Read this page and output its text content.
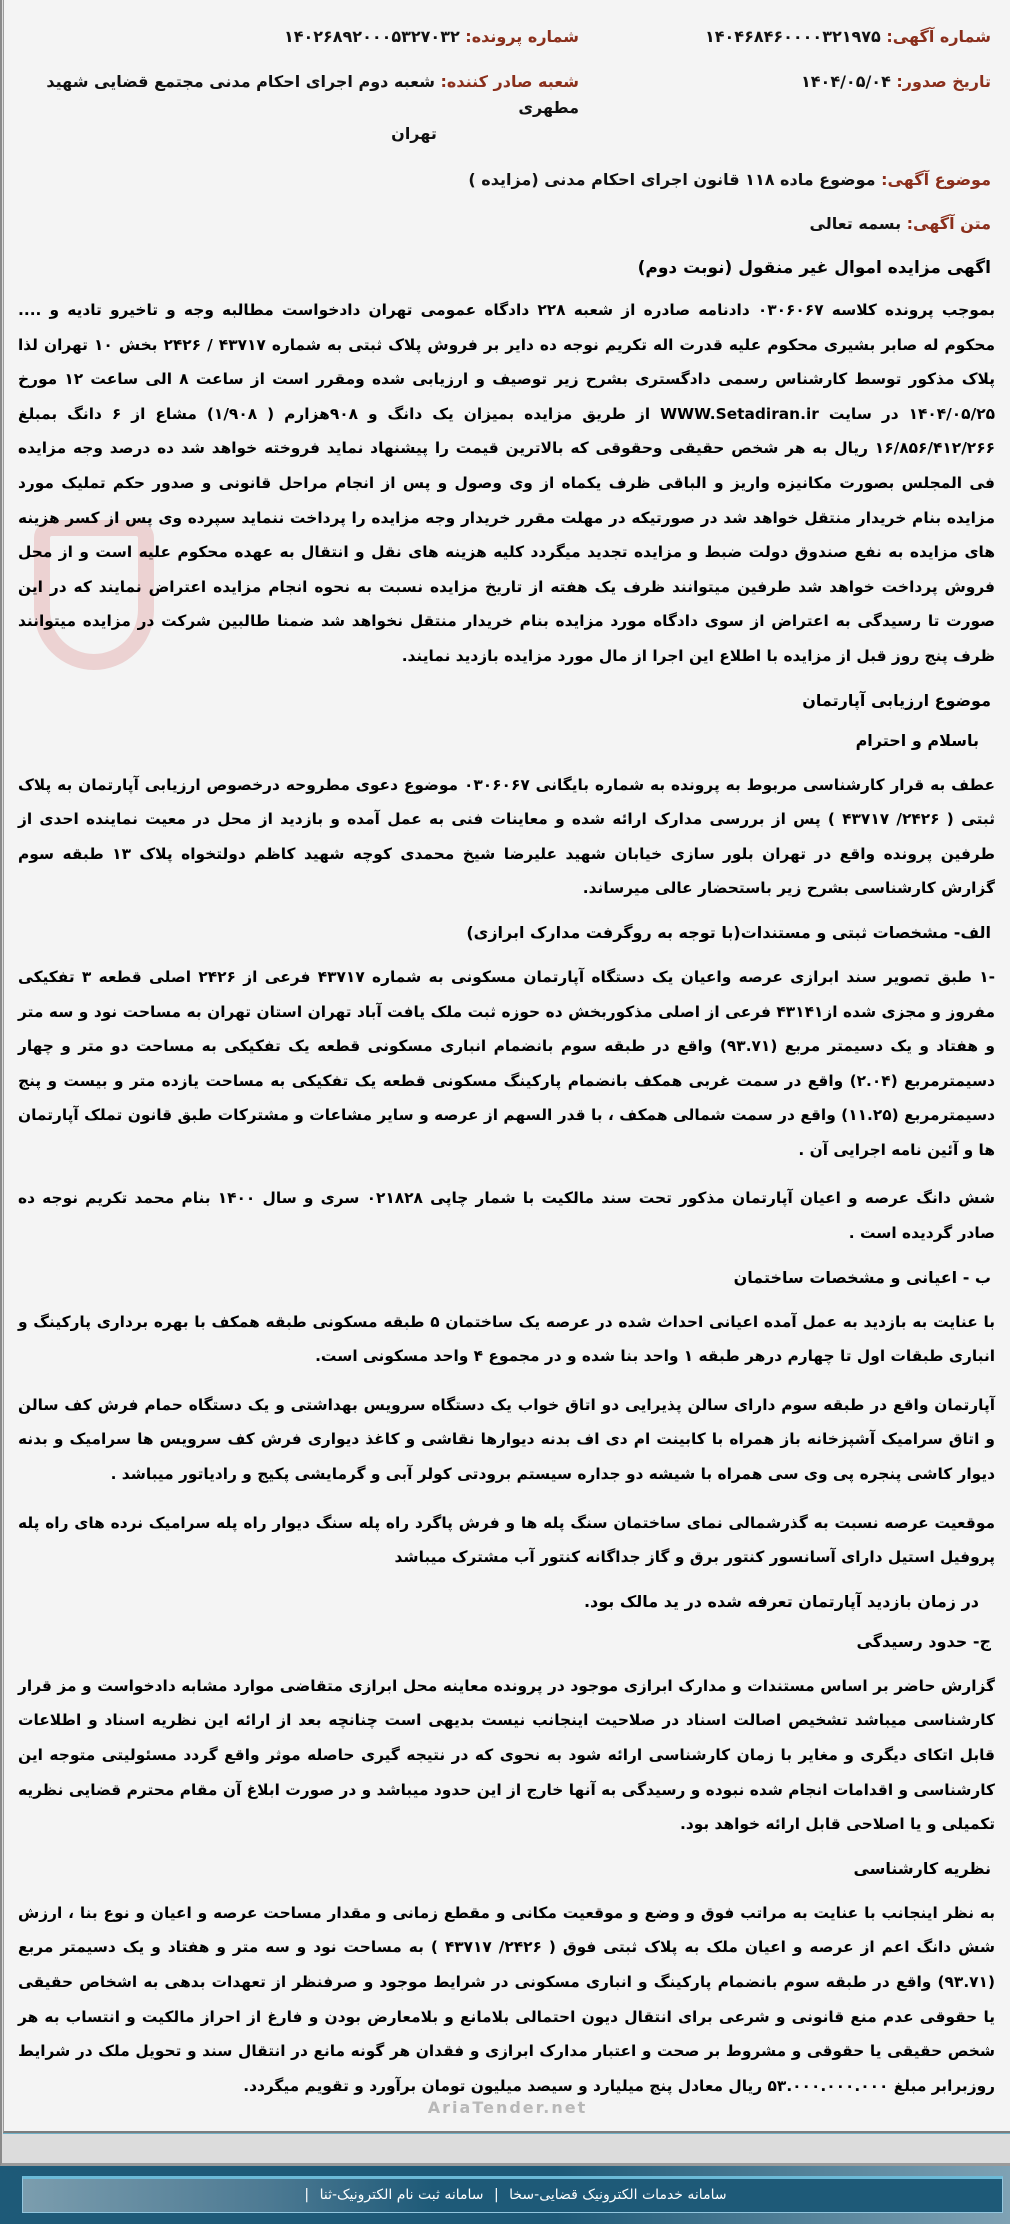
شماره آگهی: ۱۴۰۴۶۸۴۶۰۰۰۰۳۲۱۹۷۵
تاریخ صدور: ۱۴۰۴/۰۵/۰۴
شماره پرونده: ۱۴۰۲۶۸۹۲۰۰۰۵۳۲۷۰۳۲
شعبه صادر کننده: شعبه دوم اجرای احکام مدنی مجتمع قضایی شهید مطهری
تهران
موضوع آگهی: موضوع ماده ۱۱۸ قانون اجرای احکام مدنی (مزایده )
متن آگهی: بسمه تعالی
اگهی مزایده اموال غیر منقول (نوبت دوم)

بموجب پرونده کلاسه ۰۳۰۶۰۶۷ دادنامه صادره از شعبه ۲۲۸ دادگاه عمومی تهران دادخواست مطالبه وجه و تاخیرو تادیه و .... محکوم له صابر بشیری محکوم علیه قدرت اله تکریم نوجه ده دایر بر فروش پلاک ثبتی به شماره ۴۳۷۱۷ / ۲۴۲۶ بخش ۱۰ تهران لذا پلاک مذکور توسط کارشناس رسمی دادگستری بشرح زیر توصیف و ارزیابی شده ومقرر است از ساعت ۸ الی ساعت ۱۲ مورخ ۱۴۰۴/۰۵/۲۵ در سایت WWW.Setadiran.ir از طریق مزایده بمیزان یک دانگ و ۹۰۸هزارم ( ۱/۹۰۸) مشاع از ۶ دانگ بمبلغ ۱۶/۸۵۶/۴۱۲/۲۶۶ ریال به هر شخص حقیقی وحقوقی که بالاترین قیمت را پیشنهاد نماید فروخته خواهد شد ده درصد وجه مزایده فی المجلس بصورت مکانیزه واریز و الباقی ظرف یکماه از وی وصول و پس از انجام مراحل قانونی و صدور حکم تملیک مورد مزایده بنام خریدار منتقل خواهد شد در صورتیکه در مهلت مقرر خریدار وجه مزایده را پرداخت ننماید سپرده وی پس از کسر هزینه های مزایده به نفع صندوق دولت ضبط و مزایده تجدید میگردد کلیه هزینه های نقل و انتقال به عهده محکوم علیه است و از محل فروش پرداخت خواهد شد طرفین میتوانند ظرف یک هفته از تاریخ مزایده نسبت به نحوه انجام مزایده اعتراض نمایند که در این صورت تا رسیدگی به اعتراض از سوی دادگاه مورد مزایده بنام خریدار منتقل نخواهد شد ضمنا طالبین شرکت در مزایده میتوانند ظرف پنج روز قبل از مزایده با اطلاع این اجرا از مال مورد مزایده بازدید نمایند.

موضوع ارزیابی آپارتمان
باسلام و احترام

عطف به قرار کارشناسی مربوط به پرونده به شماره بایگانی ۰۳۰۶۰۶۷ موضوع دعوی مطروحه درخصوص ارزیابی آپارتمان به پلاک ثبتی ( ۲۴۲۶/ ۴۳۷۱۷ ) پس از بررسی مدارک ارائه شده و معاینات فنی به عمل آمده و بازدید از محل در معیت نماینده احدی از طرفین پرونده واقع در تهران بلور سازی خیابان شهید علیرضا شیخ محمدی کوچه شهید کاظم دولتخواه پلاک ۱۳ طبقه سوم گزارش کارشناسی بشرح زیر باستحضار عالی میرساند.

الف- مشخصات ثبتی و مستندات(با توجه به روگرفت مدارک ابرازی)

-۱ طبق تصویر سند ابرازی عرصه واعیان یک دستگاه آپارتمان مسکونی به شماره ۴۳۷۱۷ فرعی از ۲۴۲۶ اصلی قطعه ۳ تفکیکی مفروز و مجزی شده از۴۳۱۴۱ فرعی از اصلی مذکوربخش ده حوزه ثبت ملک یافت آباد تهران استان تهران به مساحت نود و سه متر و هفتاد و یک دسیمتر مربع (۹۳.۷۱) واقع در طبقه سوم بانضمام انباری مسکونی قطعه یک تفکیکی به مساحت دو متر و چهار دسیمترمربع (۲.۰۴) واقع در سمت غربی همکف بانضمام پارکینگ مسکونی قطعه یک تفکیکی به مساحت یازده متر و بیست و پنج دسیمترمربع (۱۱.۲۵) واقع در سمت شمالی همکف ، با قدر السهم از عرصه و سایر مشاعات و مشترکات طبق قانون تملک آپارتمان ها و آئین نامه اجرایی آن .

شش دانگ عرصه و اعیان آپارتمان مذکور تحت سند مالکیت با شمار چاپی ۰۲۱۸۲۸ سری و سال ۱۴۰۰ بنام محمد تکریم نوجه ده صادر گردیده است .

ب - اعیانی و مشخصات ساختمان

با عنایت به بازدید به عمل آمده اعیانی احداث شده در عرصه یک ساختمان ۵ طبقه مسکونی طبقه همکف با بهره برداری پارکینگ و انباری طبقات اول تا چهارم درهر طبقه ۱ واحد بنا شده و در مجموع ۴ واحد مسکونی است.

آپارتمان واقع در طبقه سوم دارای سالن پذیرایی دو اتاق خواب یک دستگاه سرویس بهداشتی و یک دستگاه حمام فرش کف سالن و اتاق سرامیک آشپزخانه باز همراه با کابینت ام دی اف بدنه دیوارها نقاشی و کاغذ دیواری فرش کف سرویس ها سرامیک و بدنه دیوار کاشی پنجره پی وی سی همراه با شیشه دو جداره سیستم برودتی کولر آبی و گرمایشی پکیج و رادیاتور میباشد .

موقعیت عرصه نسبت به گذرشمالی نمای ساختمان سنگ پله ها و فرش پاگرد راه پله سنگ دیوار راه پله سرامیک نرده های راه پله پروفیل استیل دارای آسانسور کنتور برق و گاز جداگانه کنتور آب مشترک میباشد

در زمان بازدید آپارتمان تعرفه شده در ید مالک بود.
ج- حدود رسیدگی

گزارش حاضر بر اساس مستندات و مدارک ابرازی موجود در پرونده معاینه محل ابرازی متقاضی موارد مشابه دادخواست و مز قرار کارشناسی میباشد تشخیص اصالت اسناد در صلاحیت اینجانب نیست بدیهی است چنانچه بعد از ارائه این نظریه اسناد و اطلاعات قابل اتکای دیگری و مغایر با زمان کارشناسی ارائه شود به نحوی که در نتیجه گیری حاصله موثر واقع گردد مسئولیتی متوجه این کارشناسی و اقدامات انجام شده نبوده و رسیدگی به آنها خارج از این حدود میباشد و در صورت ابلاغ آن مقام محترم قضایی نظریه تکمیلی و یا اصلاحی قابل ارائه خواهد بود.

نظریه کارشناسی

به نظر اینجانب با عنایت به مراتب فوق و وضع و موقعیت مکانی و مقطع زمانی و مقدار مساحت عرصه و اعیان و نوع بنا ، ارزش شش دانگ اعم از عرصه و اعیان ملک به پلاک ثبتی فوق ( ۲۴۲۶/ ۴۳۷۱۷ ) به مساحت نود و سه متر و هفتاد و یک دسیمتر مربع (۹۳.۷۱) واقع در طبقه سوم بانضمام پارکینگ و انباری مسکونی در شرایط موجود و صرفنظر از تعهدات بدهی به اشخاص حقیقی یا حقوقی عدم منع قانونی و شرعی برای انتقال دیون احتمالی بلامانع و بلامعارض بودن و فارغ از احراز مالکیت و انتساب به هر شخص حقیقی یا حقوقی و مشروط بر صحت و اعتبار مدارک ابرازی و فقدان هر گونه مانع در انتقال سند و تحویل ملک در شرایط روزبرابر مبلغ ۵۳.۰۰۰.۰۰۰.۰۰۰ ریال معادل پنج میلیارد و سیصد میلیون تومان برآورد و تقویم میگردد.

AriaTender.net
سامانه خدمات الکترونیک قضایی-سخا | سامانه ثبت نام الکترونیک-ثنا |
